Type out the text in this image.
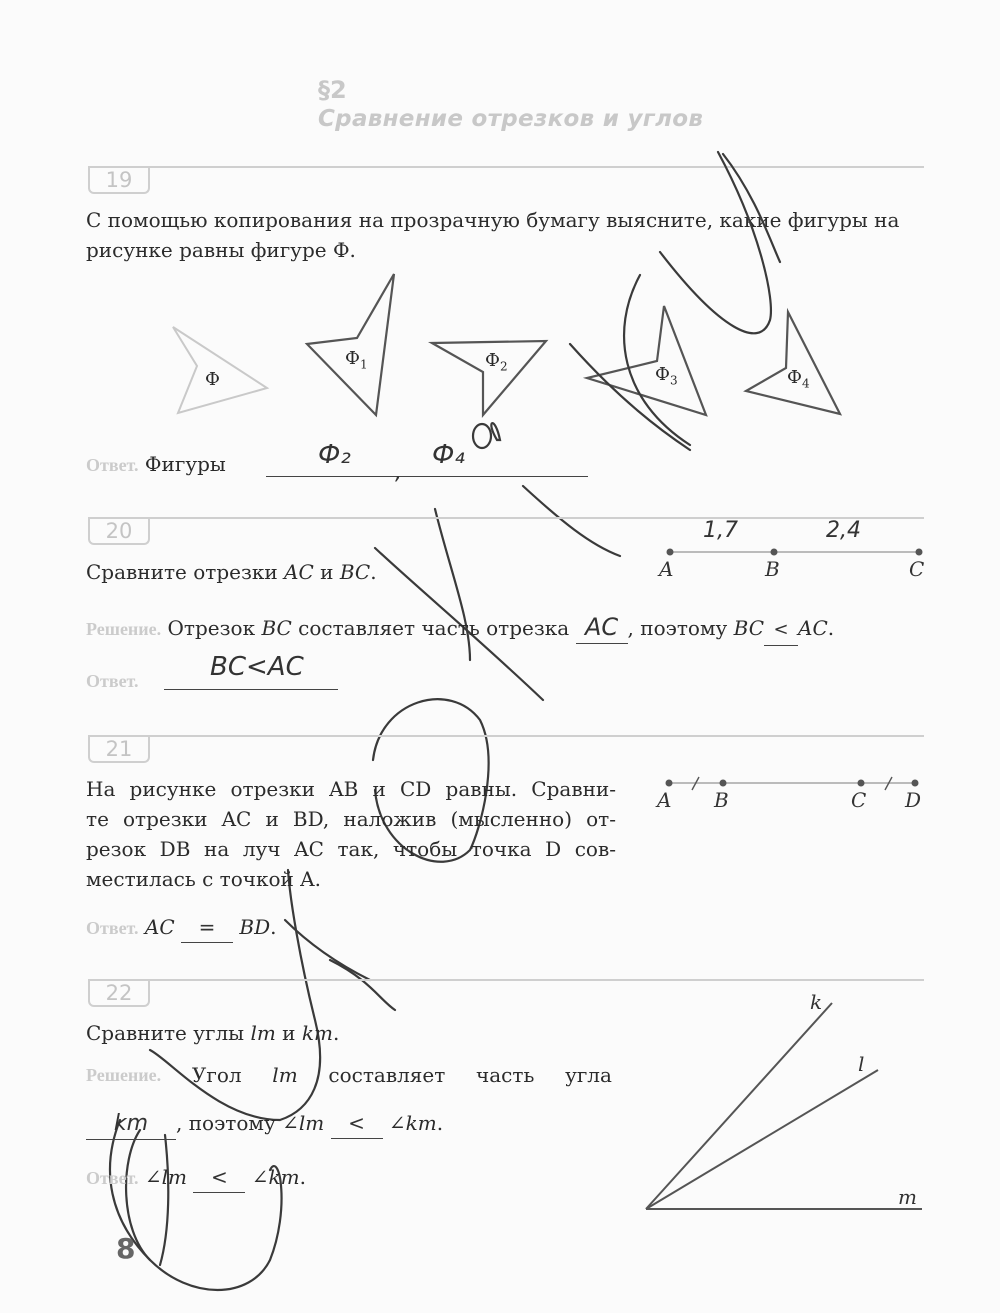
§2
Сравнение отрезков и углов
19
С помощью копирования на прозрачную бумагу выясните, какие фигуры на рисунке равны фигуре Ф.
Ф
$Ф_1$	$Ф_2$	$Ф_3$	$Ф_4$
Ответ. Фигуры	Ф₂
,
Ф₄
20
Сравните отрезки AC и BC.
1,7	2,4
A	B	C
Решение. Отрезок BC составляет часть отрезка AC , поэтому BC < AC.
Ответ.	BC<AC
21
На рисунке отрезки AB и CD равны. Сравни-
те отрезки AC и BD, наложив (мысленно) от-
резок DB на луч AC так, чтобы точка D сов-
местилась с точкой A.
A B	C D
Ответ. AC = BD.
22
Сравните углы lm и km.
Решение. Угол lm составляет часть угла
km , поэтому ∠lm < ∠km.
Ответ. ∠lm < ∠km.
k
l
m
8
